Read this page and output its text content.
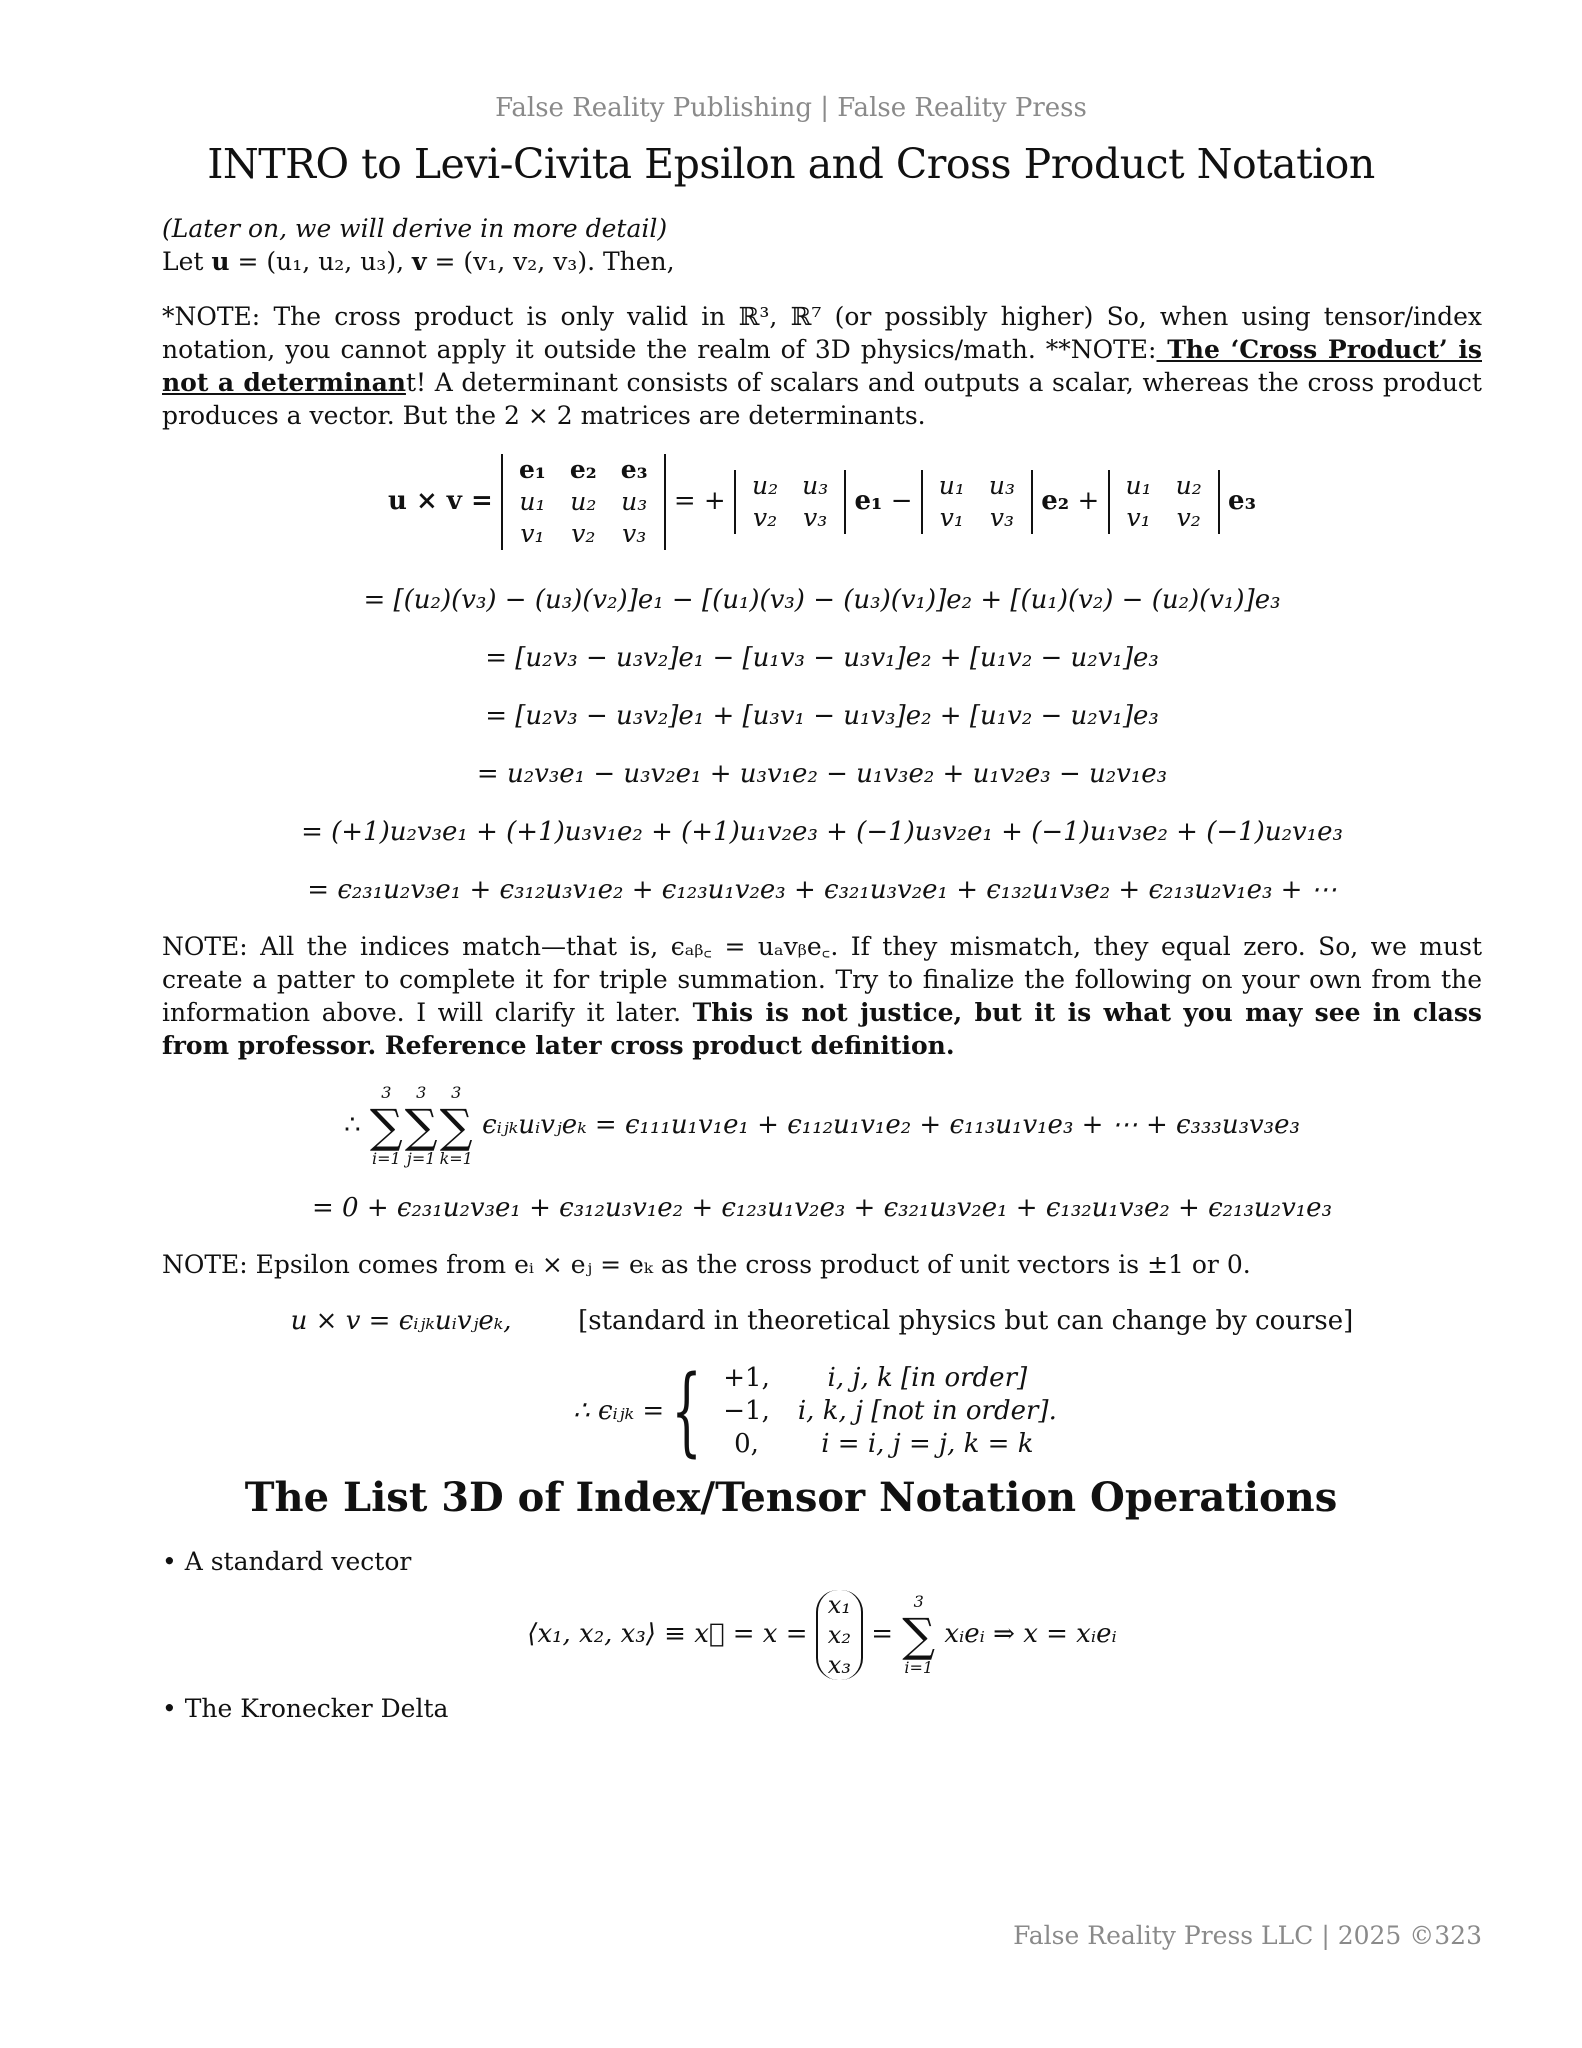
False Reality Publishing | False Reality Press
INTRO to Levi-Civita Epsilon and Cross Product Notation
(Later on, we will derive in more detail)
Let u = (u₁, u₂, u₃), v = (v₁, v₂, v₃). Then,
*NOTE: The cross product is only valid in ℝ³, ℝ⁷ (or possibly higher) So, when using tensor/index notation, you cannot apply it outside the realm of 3D physics/math. **NOTE: The ‘Cross Product’ is not a determinant! A determinant consists of scalars and outputs a scalar, whereas the cross product produces a vector. But the 2 × 2 matrices are determinants.
u × v =
e₁	e₂	e₃
u₁	u₂	u₃
v₁	v₂	v₃
= +
u₂	u₃
v₂	v₃
e₁ −
u₁	u₃
v₁	v₃
e₂ +
u₁	u₂
v₁	v₂
e₃
= [(u₂)(v₃) − (u₃)(v₂)]e₁ − [(u₁)(v₃) − (u₃)(v₁)]e₂ + [(u₁)(v₂) − (u₂)(v₁)]e₃
= [u₂v₃ − u₃v₂]e₁ − [u₁v₃ − u₃v₁]e₂ + [u₁v₂ − u₂v₁]e₃
= [u₂v₃ − u₃v₂]e₁ + [u₃v₁ − u₁v₃]e₂ + [u₁v₂ − u₂v₁]e₃
= u₂v₃e₁ − u₃v₂e₁ + u₃v₁e₂ − u₁v₃e₂ + u₁v₂e₃ − u₂v₁e₃
= (+1)u₂v₃e₁ + (+1)u₃v₁e₂ + (+1)u₁v₂e₃ + (−1)u₃v₂e₁ + (−1)u₁v₃e₂ + (−1)u₂v₁e₃
= ϵ₂₃₁u₂v₃e₁ + ϵ₃₁₂u₃v₁e₂ + ϵ₁₂₃u₁v₂e₃ + ϵ₃₂₁u₃v₂e₁ + ϵ₁₃₂u₁v₃e₂ + ϵ₂₁₃u₂v₁e₃ + ⋯
NOTE: All the indices match—that is, ϵₐᵦ꜀ = uₐvᵦe꜀. If they mismatch, they equal zero. So, we must create a patter to complete it for triple summation. Try to finalize the following on your own from the information above. I will clarify it later. This is not justice, but it is what you may see in class from professor. Reference later cross product definition.
∴
3
∑
i=1
3
∑
j=1
3
∑
k=1
ϵᵢⱼₖuᵢvⱼeₖ = ϵ₁₁₁u₁v₁e₁ + ϵ₁₁₂u₁v₁e₂ + ϵ₁₁₃u₁v₁e₃ + ⋯ + ϵ₃₃₃u₃v₃e₃
= 0 + ϵ₂₃₁u₂v₃e₁ + ϵ₃₁₂u₃v₁e₂ + ϵ₁₂₃u₁v₂e₃ + ϵ₃₂₁u₃v₂e₁ + ϵ₁₃₂u₁v₃e₂ + ϵ₂₁₃u₂v₁e₃
NOTE: Epsilon comes from eᵢ × eⱼ = eₖ as the cross product of unit vectors is ±1 or 0.
u × v = ϵᵢⱼₖuᵢvⱼeₖ,	[standard in theoretical physics but can change by course]
∴ ϵᵢⱼₖ = { +1,	i, j, k [in order]
−1,	i, k, j [not in order].
0,	i = i, j = j, k = k
The List 3D of Index/Tensor Notation Operations
• A standard vector
⟨x₁, x₂, x₃⟩ ≡ x⃗ = x =
x₁
x₂
x₃
=
3
∑
i=1
xᵢeᵢ ⇒ x = xᵢeᵢ
• The Kronecker Delta
False Reality Press LLC | 2025 ©323
